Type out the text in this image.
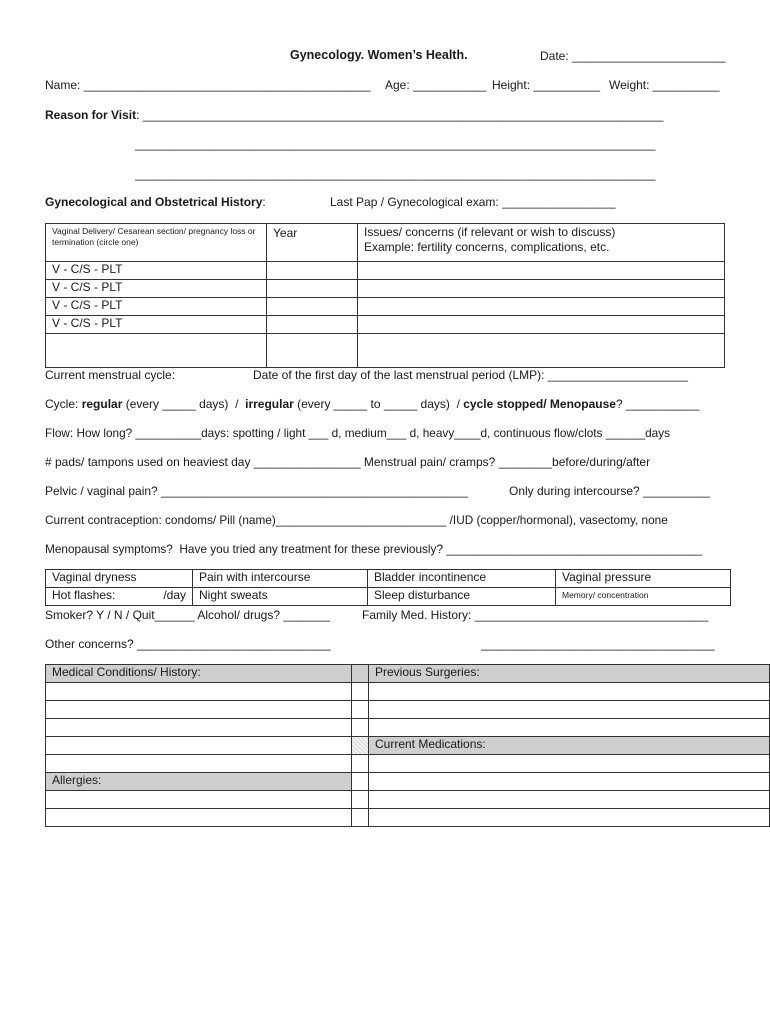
Gynecology. Women’s Health.	Date: _______________________
Name: ___________________________________________ Age: ___________ Height: __________ Weight: __________
Reason for Visit: ______________________________________________________________________________
______________________________________________________________________________
______________________________________________________________________________
Gynecological and Obstetrical History:	Last Pap / Gynecological exam: _________________
Vaginal Delivery/ Cesarean section/ pregnancy loss or termination (circle one)	Year	Issues/ concerns (if relevant or wish to discuss)
Example: fertility concerns, complications, etc.

V - C/S - PLT		
V - C/S - PLT		
V - C/S - PLT		
V - C/S - PLT		

Current menstrual cycle:	Date of the first day of the last menstrual period (LMP): _____________________
Cycle: regular (every _____ days)  /  irregular (every _____ to _____ days)  / cycle stopped/ Menopause? ___________
Flow: How long? __________days: spotting / light ___ d, medium___ d, heavy____d, continuous flow/clots ______days
# pads/ tampons used on heaviest day ________________ Menstrual pain/ cramps? ________before/during/after
Pelvic / vaginal pain? ______________________________________________	Only during intercourse? __________
Current contraception: condoms/ Pill (name)__________________________ /IUD (copper/hormonal), vasectomy, none
Menopausal symptoms?  Have you tried any treatment for these previously? _______________________________________
Vaginal dryness	Pain with intercourse	Bladder incontinence	Vaginal pressure
Hot flashes: /day	Night sweats	Sleep disturbance	Memory/ concentration
Smoker? Y / N / Quit______ Alcohol/ drugs? _______	Family Med. History: ___________________________________
Other concerns? _____________________________	___________________________________
Medical Conditions/ History:		Previous Surgeries:

		Current Medications:

Allergies:		
